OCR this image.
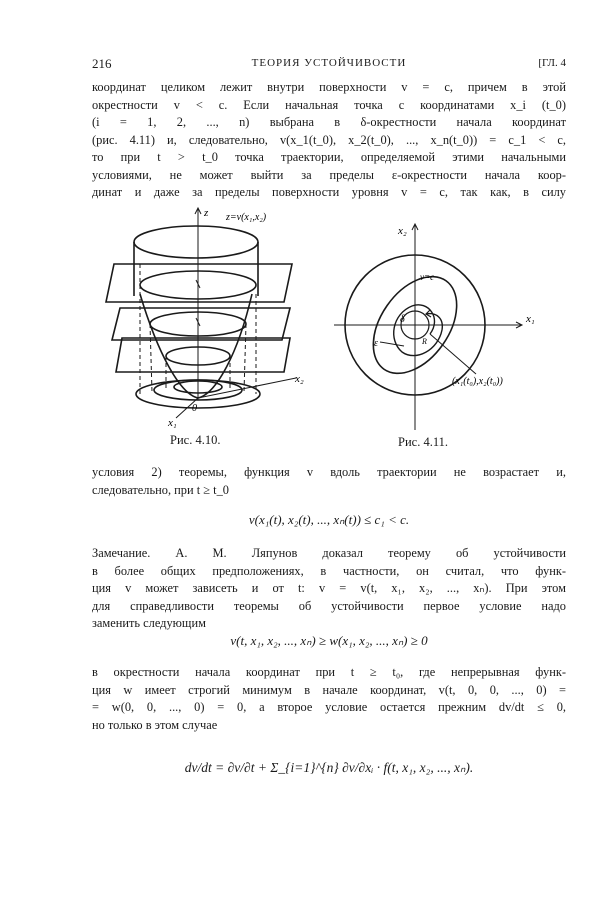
216	ТЕОРИЯ УСТОЙЧИВОСТИ	[ГЛ. 4
координат целиком лежит внутри поверхности v = c, причем в этой
окрестности v < c. Если начальная точка с координатами x_i (t_0)
(i = 1, 2, ..., n) выбрана в δ-окрестности начала координат
(рис. 4.11) и, следовательно, v(x_1(t_0), x_2(t_0), ..., x_n(t_0)) = c_1 < c,
то при t > t_0 точка траектории, определяемой этими начальными
условиями, не может выйти за пределы ε-окрестности начала коор-
динат и даже за пределы поверхности уровня v = c, так как, в силу
z z=v(x₁,x₂)
x₁
x₂
0
Рис. 4.10.
x₂
x₁
v=c
ε
δ
R
(x₁(t₀),x₂(t₀))
Рис. 4.11.
условия 2) теоремы, функция v вдоль траектории не возрастает и,
следовательно, при t ≥ t_0
v(x₁(t), x₂(t), ..., xₙ(t)) ≤ c₁ < c.
Замечание. А. М. Ляпунов доказал теорему об устойчивости
в более общих предположениях, в частности, он считал, что функ-
ция v может зависеть и от t: v = v(t, x₁, x₂, ..., xₙ). При этом
для справедливости теоремы об устойчивости первое условие надо
заменить следующим
v(t, x₁, x₂, ..., xₙ) ≥ w(x₁, x₂, ..., xₙ) ≥ 0
в окрестности начала координат при t ≥ t₀, где непрерывная функ-
ция w имеет строгий минимум в начале координат, v(t, 0, 0, ..., 0) =
= w(0, 0, ..., 0) = 0, а второе условие остается прежним dv/dt ≤ 0,
но только в этом случае
dv/dt = ∂v/∂t + Σ_{i=1}^{n} ∂v/∂xᵢ · f(t, x₁, x₂, ..., xₙ).
